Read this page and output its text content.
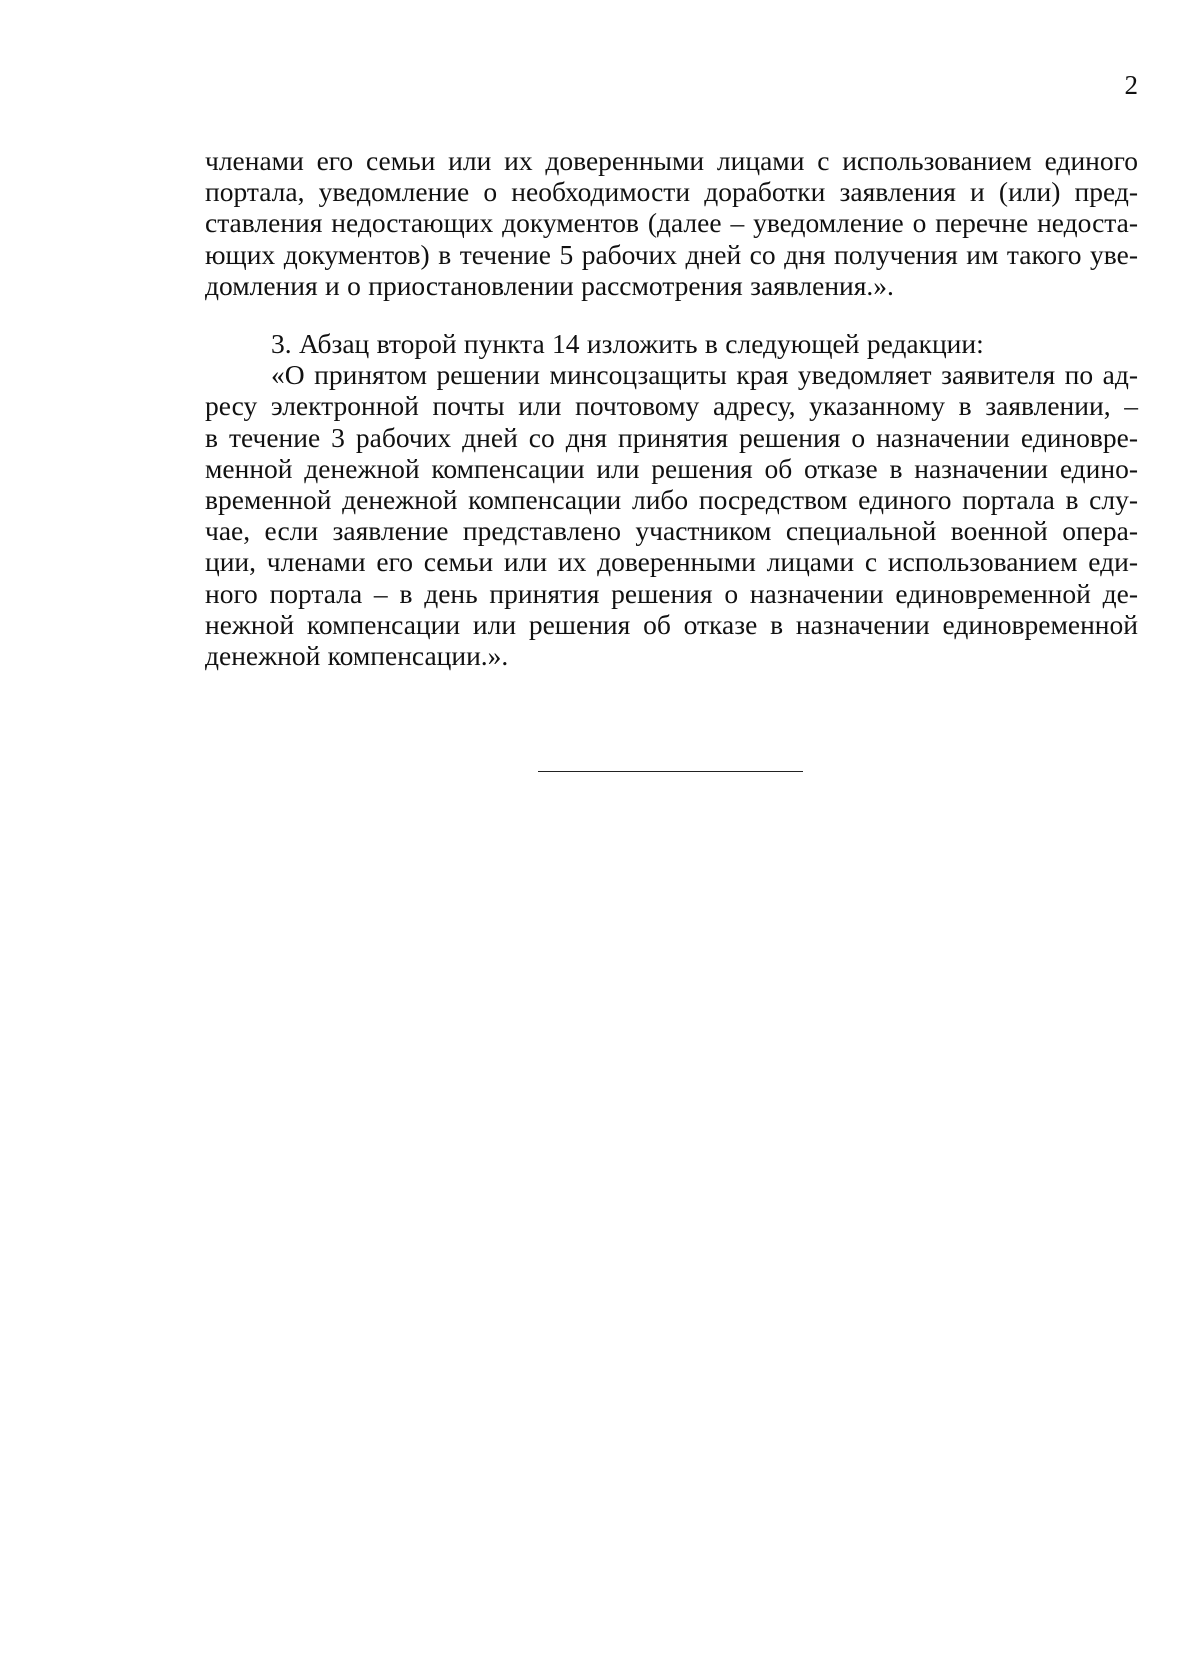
2

членами его семьи или их доверенными лицами с использованием единого
портала, уведомление о необходимости доработки заявления и (или) пред-
ставления недостающих документов (далее – уведомление о перечне недоста-
ющих документов) в течение 5 рабочих дней со дня получения им такого уве-
домления и о приостановлении рассмотрения заявления.».

3. Абзац второй пункта 14 изложить в следующей редакции:

«О принятом решении минсоцзащиты края уведомляет заявителя по ад-
ресу электронной почты или почтовому адресу, указанному в заявлении, –
в течение 3 рабочих дней со дня принятия решения о назначении единовре-
менной денежной компенсации или решения об отказе в назначении едино-
временной денежной компенсации либо посредством единого портала в слу-
чае, если заявление представлено участником специальной военной опера-
ции, членами его семьи или их доверенными лицами с использованием еди-
ного портала – в день принятия решения о назначении единовременной де-
нежной компенсации или решения об отказе в назначении единовременной
денежной компенсации.».
